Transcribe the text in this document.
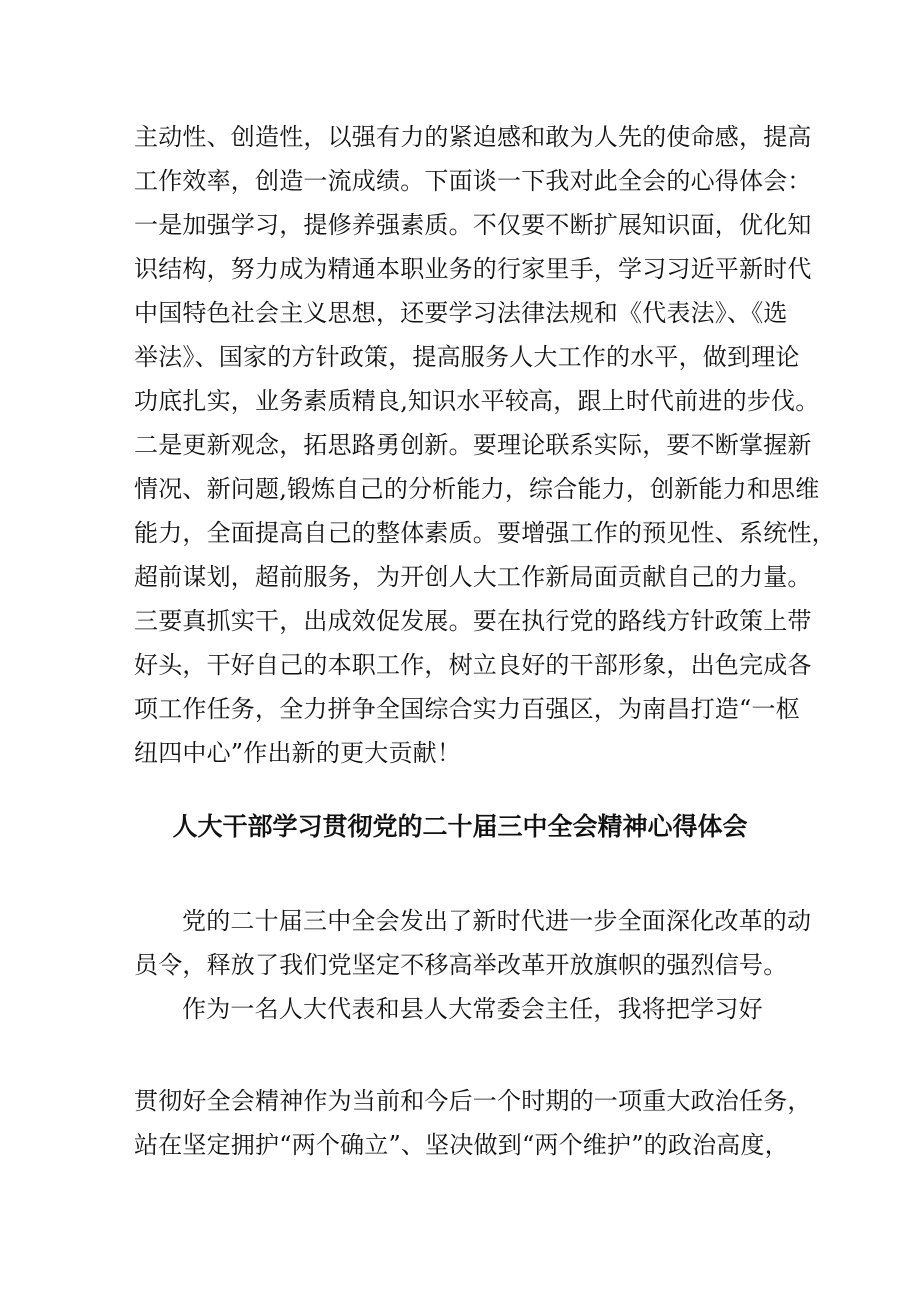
主动性、创造性，以强有力的紧迫感和敢为人先的使命感，提高
工作效率，创造一流成绩。下面谈一下我对此全会的心得体会：
一是加强学习，提修养强素质。不仅要不断扩展知识面，优化知
识结构，努力成为精通本职业务的行家里手，学习习近平新时代
中国特色社会主义思想，还要学习法律法规和《代表法》、《选
举法》、国家的方针政策，提高服务人大工作的水平，做到理论
功底扎实，业务素质精良,知识水平较高，跟上时代前进的步伐。
二是更新观念，拓思路勇创新。要理论联系实际，要不断掌握新
情况、新问题,锻炼自己的分析能力，综合能力，创新能力和思维
能力，全面提高自己的整体素质。要增强工作的预见性、系统性，
超前谋划，超前服务，为开创人大工作新局面贡献自己的力量。
三要真抓实干，出成效促发展。要在执行党的路线方针政策上带
好头，干好自己的本职工作，树立良好的干部形象，出色完成各
项工作任务，全力拼争全国综合实力百强区，为南昌打造“一枢
纽四中心”作出新的更大贡献！
人大干部学习贯彻党的二十届三中全会精神心得体会
党的二十届三中全会发出了新时代进一步全面深化改革的动
员令，释放了我们党坚定不移高举改革开放旗帜的强烈信号。
作为一名人大代表和县人大常委会主任，我将把学习好
贯彻好全会精神作为当前和今后一个时期的一项重大政治任务，
站在坚定拥护“两个确立”、坚决做到“两个维护”的政治高度，
